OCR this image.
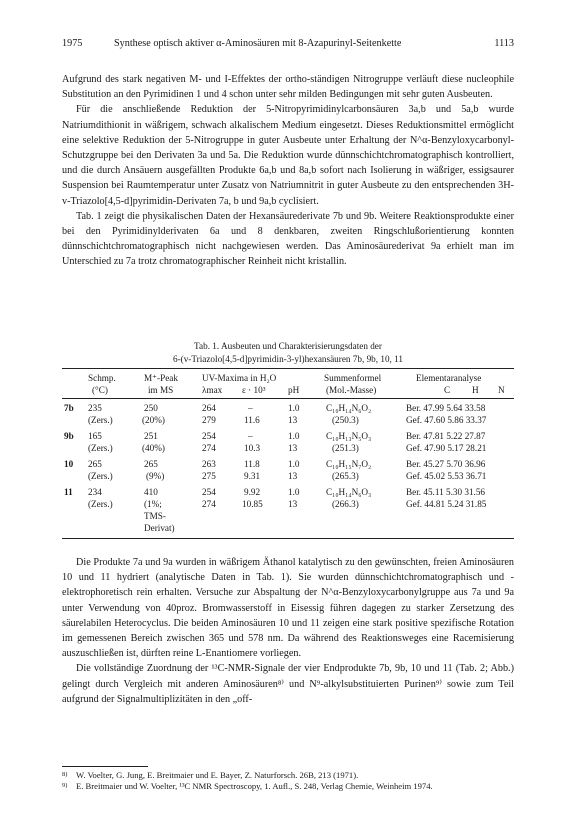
1975	Synthese optisch aktiver α-Aminosäuren mit 8-Azapurinyl-Seitenkette	1113

Aufgrund des stark negativen M- und I-Effektes der ortho-ständigen Nitrogruppe verläuft diese nucleophile Substitution an den Pyrimidinen 1 und 4 schon unter sehr milden Bedingungen mit sehr guten Ausbeuten.

Für die anschließende Reduktion der 5-Nitropyrimidinylcarbonsäuren 3a,b und 5a,b wurde Natriumdithionit in wäßrigem, schwach alkalischem Medium eingesetzt. Dieses Reduktionsmittel ermöglicht eine selektive Reduktion der 5-Nitrogruppe in guter Ausbeute unter Erhaltung der N^α-Benzyloxycarbonyl-Schutzgruppe bei den Derivaten 3a und 5a. Die Reduktion wurde dünnschichtchromatographisch kontrolliert, und die durch Ansäuern ausgefällten Produkte 6a,b und 8a,b sofort nach Isolierung in wäßriger, essigsaurer Suspension bei Raumtemperatur unter Zusatz von Natriumnitrit in guter Ausbeute zu den entsprechenden 3H-v-Triazolo[4,5-d]pyrimidin-Derivaten 7a, b und 9a,b cyclisiert.

Tab. 1 zeigt die physikalischen Daten der Hexansäurederivate 7b und 9b. Weitere Reaktionsprodukte einer bei den Pyrimidinylderivaten 6a und 8 denkbaren, zweiten Ringschlußorientierung konnten dünnschichtchromatographisch nicht nachgewiesen werden. Das Aminosäurederivat 9a erhielt man im Unterschied zu 7a trotz chromatographischer Reinheit nicht kristallin.

Tab. 1. Ausbeuten und Charakterisierungsdaten der
6-(v-Triazolo[4,5-d]pyrimidin-3-yl)hexansäuren 7b, 9b, 10, 11
Schmp.
(°C)
M⁺-Peak
im MS
UV-Maxima in H₂O
λmax ε · 10³ pH
Summenformel
(Mol.-Masse)
Elementaranalyse
C H N
7b 235
(Zers.)
250
(20%)
264
279
–
11.6
1.0
13
C₁₀H₁₄N₆O₂
(250.3)
Ber. 47.99 5.64 33.58
Gef. 47.60 5.86 33.37
9b 165
(Zers.)
251
(40%)
254
274
–
10.3
1.0
13
C₁₀H₁₃N₅O₃
(251.3)
Ber. 47.81 5.22 27.87
Gef. 47.90 5.17 28.21
10 265
(Zers.)
265
(9%)
263
275
11.8
9.31
1.0
13
C₁₀H₁₅N₇O₂
(265.3)
Ber. 45.27 5.70 36.96
Gef. 45.02 5.53 36.71
11 234
(Zers.)
410
(1%;
TMS-
Derivat)
254
274
9.92
10.85
1.0
13
C₁₀H₁₄N₆O₃
(266.3)
Ber. 45.11 5.30 31.56
Gef. 44.81 5.24 31.85

Die Produkte 7a und 9a wurden in wäßrigem Äthanol katalytisch zu den gewünschten, freien Aminosäuren 10 und 11 hydriert (analytische Daten in Tab. 1). Sie wurden dünnschichtchromatographisch und -elektrophoretisch rein erhalten. Versuche zur Abspaltung der N^α-Benzyloxycarbonylgruppe aus 7a und 9a unter Verwendung von 40proz. Bromwasserstoff in Eisessig führen dagegen zu starker Zersetzung des säurelabilen Heterocyclus. Die beiden Aminosäuren 10 und 11 zeigen eine stark positive spezifische Rotation im gemessenen Bereich zwischen 365 und 578 nm. Da während des Reaktionsweges eine Racemisierung auszuschließen ist, dürften reine L-Enantiomere vorliegen.

Die vollständige Zuordnung der ¹³C-NMR-Signale der vier Endprodukte 7b, 9b, 10 und 11 (Tab. 2; Abb.) gelingt durch Vergleich mit anderen Aminosäuren⁸⁾ und N⁹-alkylsubstituierten Purinen⁹⁾ sowie zum Teil aufgrund der Signalmultiplizitäten in den „off-

8) W. Voelter, G. Jung, E. Breitmaier und E. Bayer, Z. Naturforsch. 26B, 213 (1971).
9) E. Breitmaier und W. Voelter, ¹³C NMR Spectroscopy, 1. Aufl., S. 248, Verlag Chemie, Weinheim 1974.
